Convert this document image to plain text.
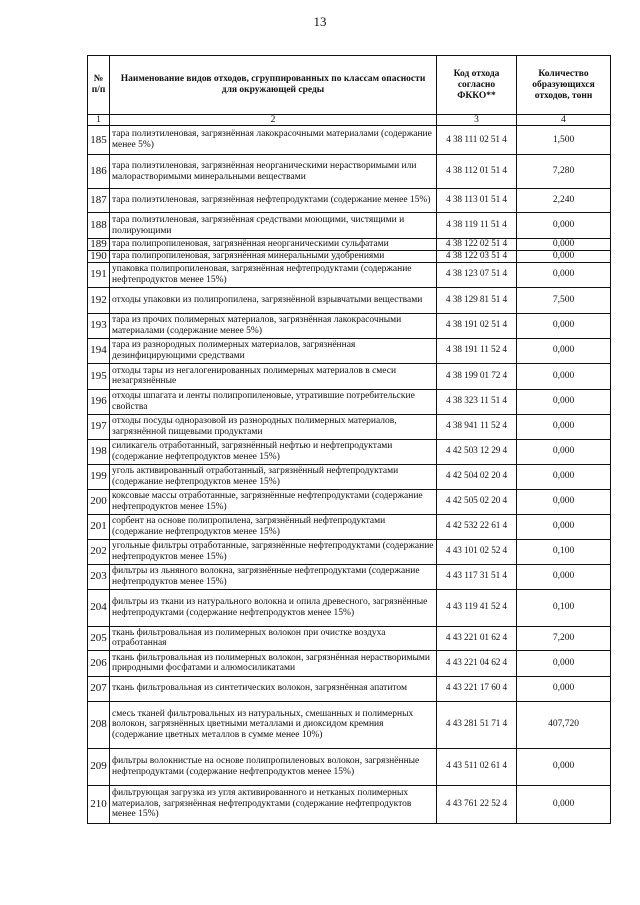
13
№ п/п	Наименование видов отходов, сгруппированных по классам опасности для окружающей среды	Код отхода согласно ФККО**	Количество образующихся отходов, тонн
1	2	3	4
185	тара полиэтиленовая, загрязнённая лакокрасочными материалами (содержание менее 5%)	4 38 111 02 51 4	1,500
186	тара полиэтиленовая, загрязнённая неорганическими нерастворимыми или малорастворимыми минеральными веществами	4 38 112 01 51 4	7,280
187	тара полиэтиленовая, загрязнённая нефтепродуктами (содержание менее 15%)	4 38 113 01 51 4	2,240
188	тара полиэтиленовая, загрязнённая средствами моющими, чистящими и полирующими	4 38 119 11 51 4	0,000
189	тара полипропиленовая, загрязнённая неорганическими сульфатами	4 38 122 02 51 4	0,000
190	тара полипропиленовая, загрязнённая минеральными удобрениями	4 38 122 03 51 4	0,000
191	упаковка полипропиленовая, загрязнённая нефтепродуктами (содержание нефтепродуктов менее 15%)	4 38 123 07 51 4	0,000
192	отходы упаковки из полипропилена, загрязнённой взрывчатыми веществами	4 38 129 81 51 4	7,500
193	тара из прочих полимерных материалов, загрязнённая лакокрасочными материалами (содержание менее 5%)	4 38 191 02 51 4	0,000
194	тара из разнородных полимерных материалов, загрязнённая дезинфицирующими средствами	4 38 191 11 52 4	0,000
195	отходы тары из негалогенированных полимерных материалов в смеси незагрязнённые	4 38 199 01 72 4	0,000
196	отходы шпагата и ленты полипропиленовые, утратившие потребительские свойства	4 38 323 11 51 4	0,000
197	отходы посуды одноразовой из разнородных полимерных материалов, загрязнённой пищевыми продуктами	4 38 941 11 52 4	0,000
198	силикагель отработанный, загрязнённый нефтью и нефтепродуктами (содержание нефтепродуктов менее 15%)	4 42 503 12 29 4	0,000
199	уголь активированный отработанный, загрязнённый нефтепродуктами (содержание нефтепродуктов менее 15%)	4 42 504 02 20 4	0,000
200	коксовые массы отработанные, загрязнённые нефтепродуктами (содержание нефтепродуктов менее 15%)	4 42 505 02 20 4	0,000
201	сорбент на основе полипропилена, загрязнённый нефтепродуктами (содержание нефтепродуктов менее 15%)	4 42 532 22 61 4	0,000
202	угольные фильтры отработанные, загрязнённые нефтепродуктами (содержание нефтепродуктов менее 15%)	4 43 101 02 52 4	0,100
203	фильтры из льняного волокна, загрязнённые нефтепродуктами (содержание нефтепродуктов менее 15%)	4 43 117 31 51 4	0,000
204	фильтры из ткани из натурального волокна и опила древесного, загрязнённые нефтепродуктами (содержание нефтепродуктов менее 15%)	4 43 119 41 52 4	0,100
205	ткань фильтровальная из полимерных волокон при очистке воздуха отработанная	4 43 221 01 62 4	7,200
206	ткань фильтровальная из полимерных волокон, загрязнённая нерастворимыми природными фосфатами и алюмосиликатами	4 43 221 04 62 4	0,000
207	ткань фильтровальная из синтетических волокон, загрязнённая апатитом	4 43 221 17 60 4	0,000
208	смесь тканей фильтровальных из натуральных, смешанных и полимерных волокон, загрязнённых цветными металлами и диоксидом кремния (содержание цветных металлов в сумме менее 10%)	4 43 281 51 71 4	407,720
209	фильтры волокнистые на основе полипропиленовых волокон, загрязнённые нефтепродуктами (содержание нефтепродуктов менее 15%)	4 43 511 02 61 4	0,000
210	фильтрующая загрузка из угля активированного и нетканых полимерных материалов, загрязнённая нефтепродуктами (содержание нефтепродуктов менее 15%)	4 43 761 22 52 4	0,000
